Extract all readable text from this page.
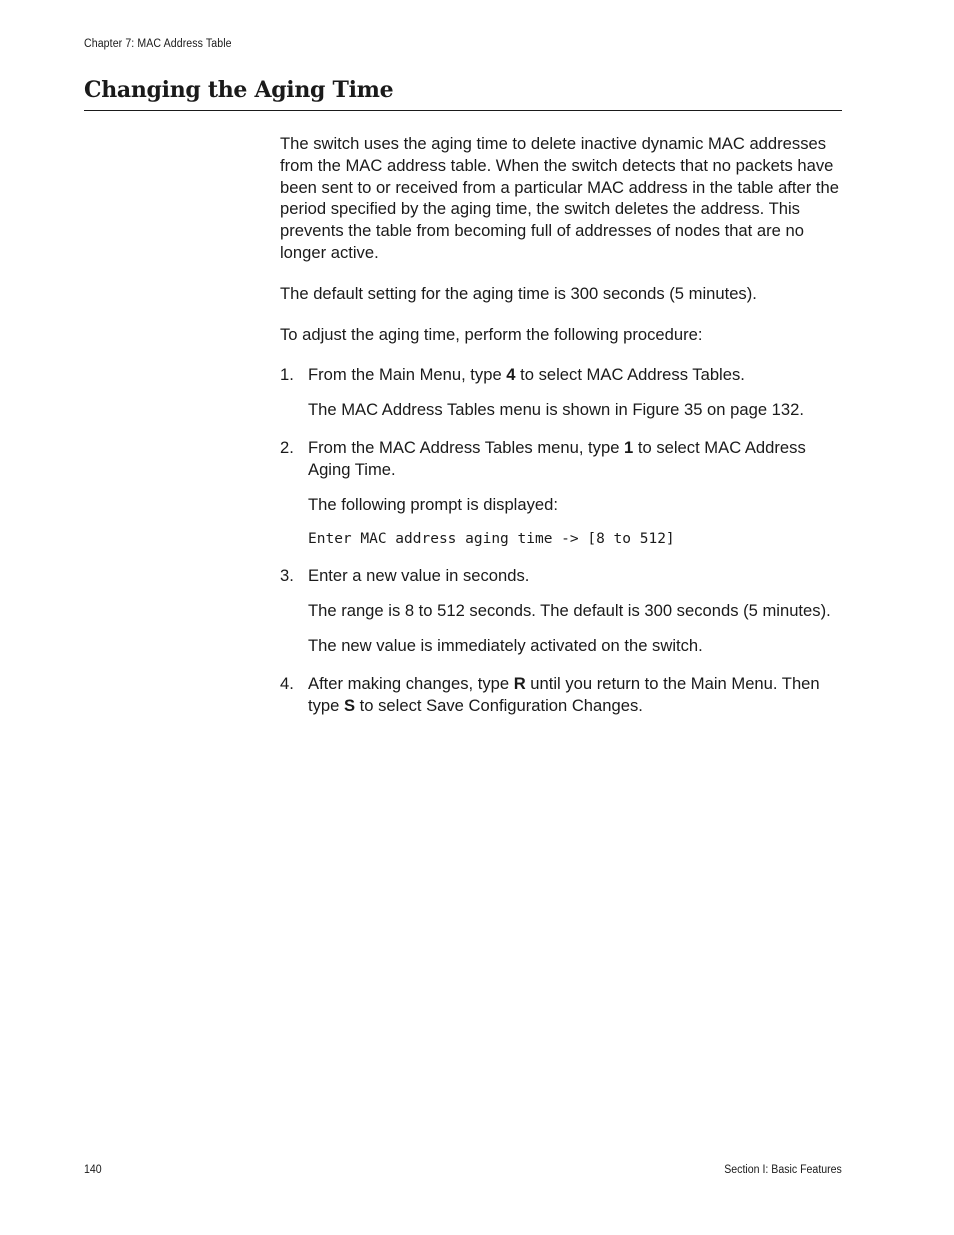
Chapter 7: MAC Address Table
Changing the Aging Time

The switch uses the aging time to delete inactive dynamic MAC addresses from the MAC address table. When the switch detects that no packets have been sent to or received from a particular MAC address in the table after the period specified by the aging time, the switch deletes the address. This prevents the table from becoming full of addresses of nodes that are no longer active.

The default setting for the aging time is 300 seconds (5 minutes).

To adjust the aging time, perform the following procedure:

1. From the Main Menu, type 4 to select MAC Address Tables.

The MAC Address Tables menu is shown in Figure 35 on page 132.

2. From the MAC Address Tables menu, type 1 to select MAC Address Aging Time.

The following prompt is displayed:

Enter MAC address aging time -> [8 to 512]

3. Enter a new value in seconds.

The range is 8 to 512 seconds. The default is 300 seconds (5 minutes).

The new value is immediately activated on the switch.

4. After making changes, type R until you return to the Main Menu. Then type S to select Save Configuration Changes.

140	Section I: Basic Features
